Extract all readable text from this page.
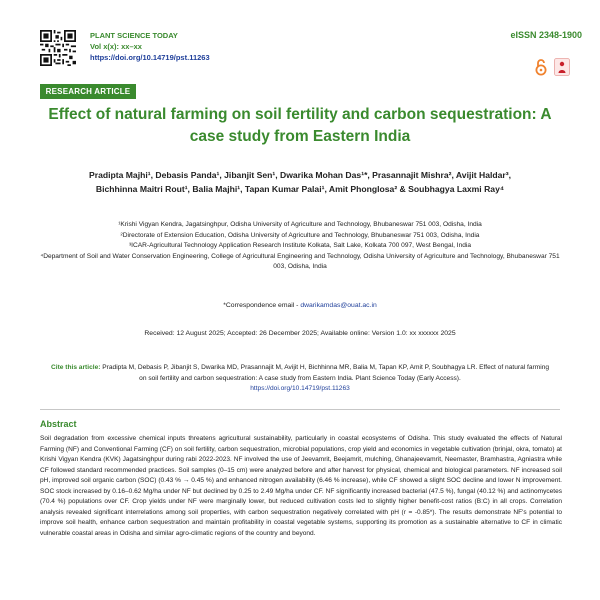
PLANT SCIENCE TODAY
Vol x(x): xx–xx
https://doi.org/10.14719/pst.11263
eISSN 2348-1900
RESEARCH ARTICLE
Effect of natural farming on soil fertility and carbon sequestration: A case study from Eastern India
Pradipta Majhi¹, Debasis Panda¹, Jibanjit Sen¹, Dwarika Mohan Das¹*, Prasannajit Mishra², Avijit Haldar³,
Bichhinna Maitri Rout¹, Balia Majhi¹, Tapan Kumar Palai¹, Amit Phonglosa² & Soubhagya Laxmi Ray⁴
¹Krishi Vigyan Kendra, Jagatsinghpur, Odisha University of Agriculture and Technology, Bhubaneswar 751 003, Odisha, India
²Directorate of Extension Education, Odisha University of Agriculture and Technology, Bhubaneswar 751 003, Odisha, India
³ICAR-Agricultural Technology Application Research Institute Kolkata, Salt Lake, Kolkata 700 097, West Bengal, India
⁴Department of Soil and Water Conservation Engineering, College of Agricultural Engineering and Technology, Odisha University of Agriculture and Technology, Bhubaneswar 751 003, Odisha, India
*Correspondence email - dwarikamdas@ouat.ac.in
Received: 12 August 2025; Accepted: 26 December 2025; Available online: Version 1.0: xx xxxxxx 2025
Cite this article: Pradipta M, Debasis P, Jibanjit S, Dwarika MD, Prasannajit M, Avijit H, Bichhinna MR, Balia M, Tapan KP, Amit P, Soubhagya LR. Effect of natural farming on soil fertility and carbon sequestration: A case study from Eastern India. Plant Science Today (Early Access).
https://doi.org/10.14719/pst.11263
Abstract

Soil degradation from excessive chemical inputs threatens agricultural sustainability, particularly in coastal ecosystems of Odisha. This study evaluated the effects of Natural Farming (NF) and Conventional Farming (CF) on soil fertility, carbon sequestration, microbial populations, crop yield and economics in vegetable cultivation (brinjal, okra, tomato) at Krishi Vigyan Kendra (KVK) Jagatsinghpur during rabi 2022-2023. NF involved the use of Jeevamrit, Beejamrit, mulching, Ghanajeevamrit, Neemaster, Bramhastra, Agniastra while CF followed standard recommended practices. Soil samples (0–15 cm) were analyzed before and after harvest for physical, chemical and biological parameters. NF increased soil pH, improved soil organic carbon (SOC) (0.43 % → 0.45 %) and enhanced nitrogen availability (6.46 % increase), while CF showed a slight SOC decline and lower N improvement. SOC stock increased by 0.16–0.62 Mg/ha under NF but declined by 0.25 to 2.49 Mg/ha under CF. NF significantly increased bacterial (47.5 %), fungal (40.12 %) and actinomycetes (70.4 %) populations over CF. Crop yields under NF were marginally lower, but reduced cultivation costs led to slightly higher benefit-cost ratios (B:C) in all crops. Correlation analysis revealed significant interrelations among soil properties, with carbon sequestration negatively correlated with pH (r = -0.85*). The results demonstrate NF's potential to improve soil health, enhance carbon sequestration and maintain profitability in coastal vegetable systems, supporting its promotion as a sustainable alternative to CF in climatic vulnerable coastal areas in Odisha and similar agro-climatic regions of the country and beyond.
